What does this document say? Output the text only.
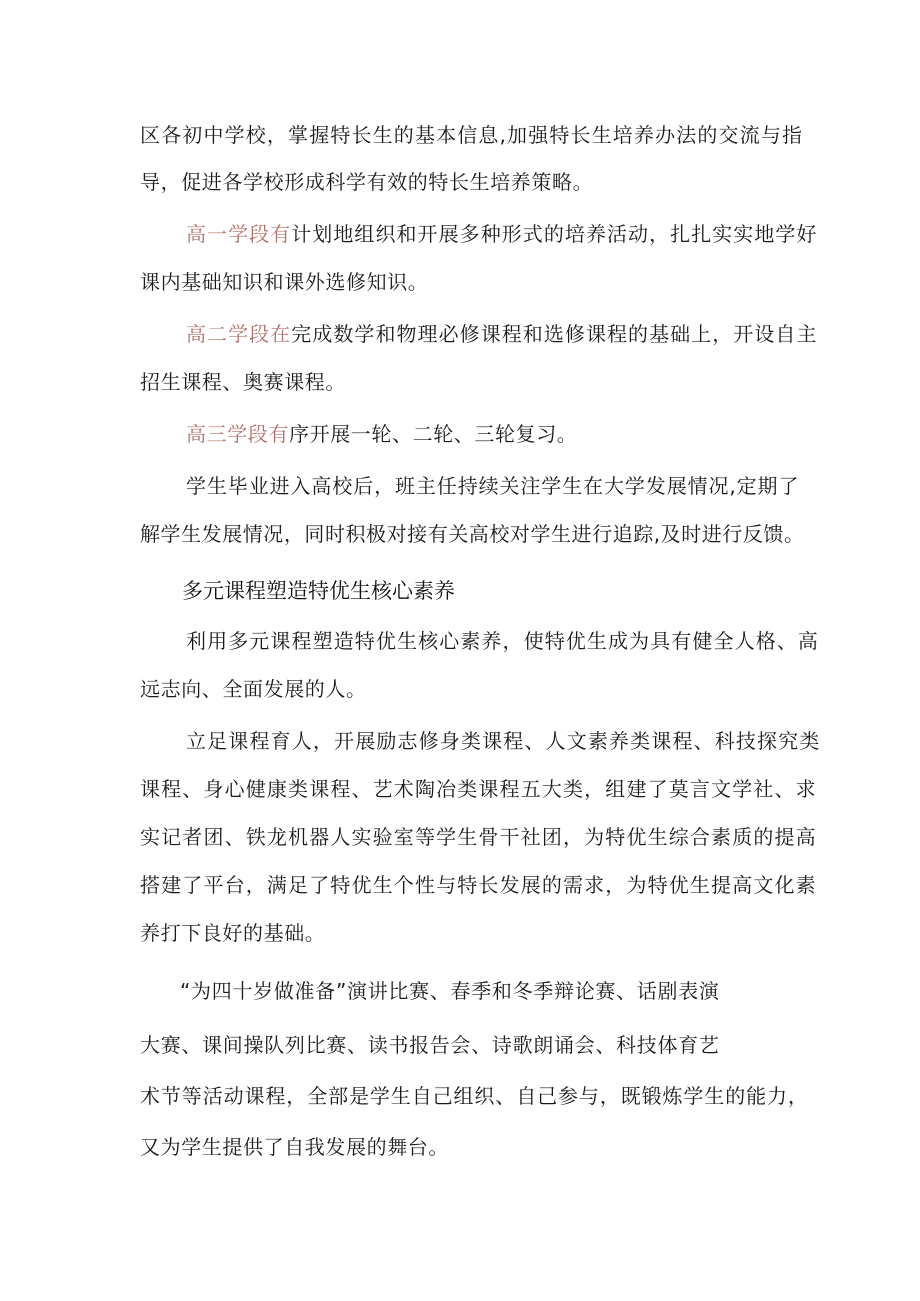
区各初中学校，掌握特长生的基本信息,加强特长生培养办法的交流与指

导，促进各学校形成科学有效的特长生培养策略。

高一学段有计划地组织和开展多种形式的培养活动，扎扎实实地学好

课内基础知识和课外选修知识。

高二学段在完成数学和物理必修课程和选修课程的基础上，开设自主

招生课程、奥赛课程。

高三学段有序开展一轮、二轮、三轮复习。

学生毕业进入高校后，班主任持续关注学生在大学发展情况,定期了

解学生发展情况，同时积极对接有关高校对学生进行追踪,及时进行反馈。

多元课程塑造特优生核心素养

利用多元课程塑造特优生核心素养，使特优生成为具有健全人格、高

远志向、全面发展的人。

立足课程育人，开展励志修身类课程、人文素养类课程、科技探究类

课程、身心健康类课程、艺术陶冶类课程五大类，组建了莫言文学社、求

实记者团、铁龙机器人实验室等学生骨干社团，为特优生综合素质的提高

搭建了平台，满足了特优生个性与特长发展的需求，为特优生提高文化素

养打下良好的基础。

“为四十岁做准备”演讲比赛、春季和冬季辩论赛、话剧表演

大赛、课间操队列比赛、读书报告会、诗歌朗诵会、科技体育艺

术节等活动课程，全部是学生自己组织、自己参与，既锻炼学生的能力，

又为学生提供了自我发展的舞台。
